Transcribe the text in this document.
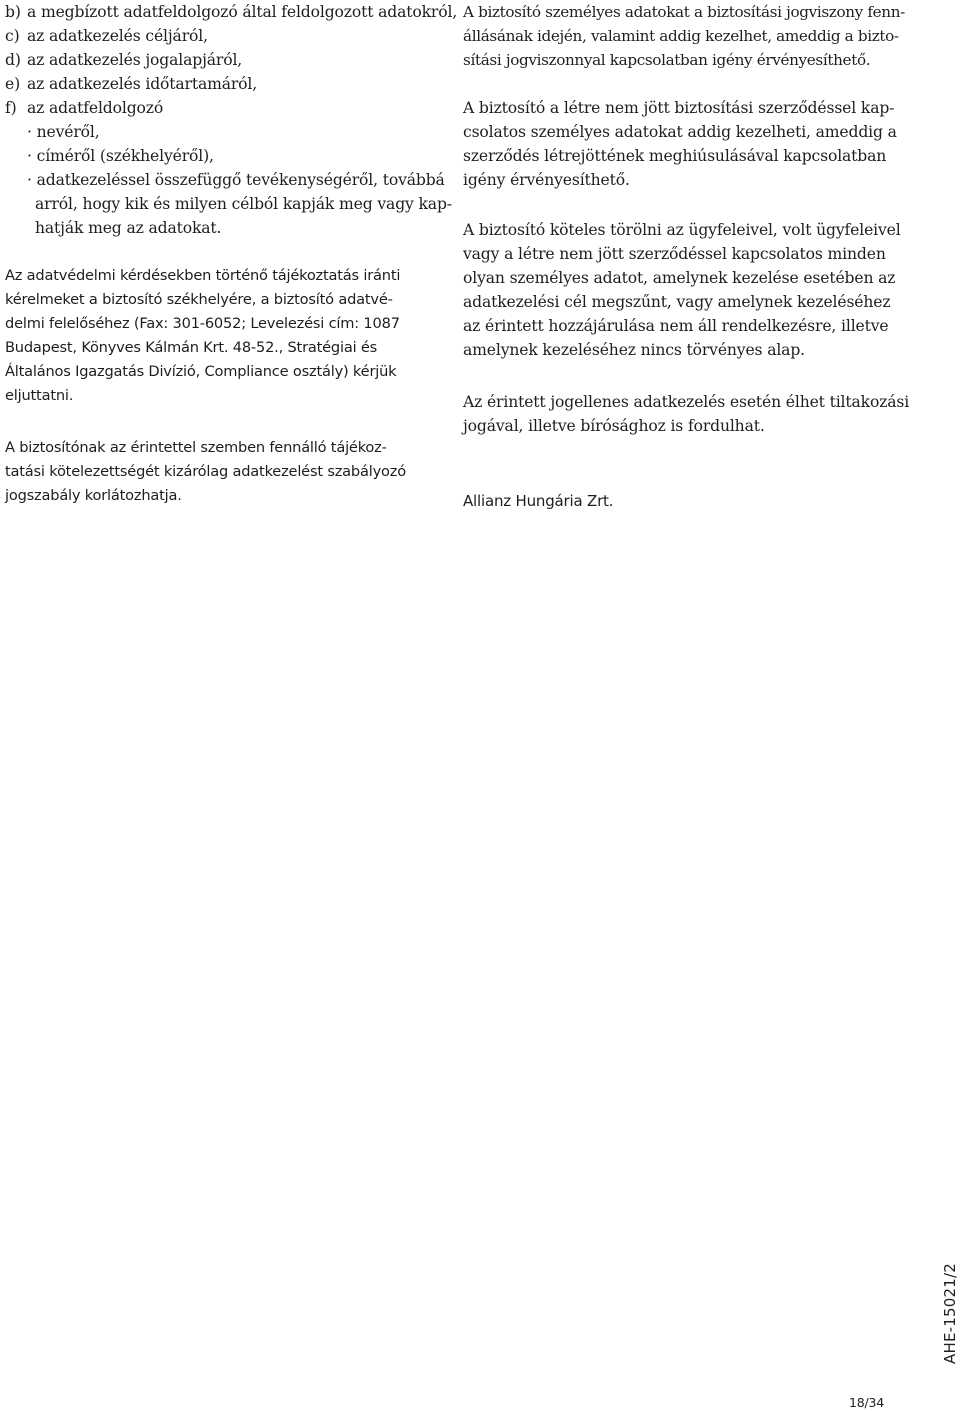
b) a megbízott adatfeldolgozó által feldolgozott adatokról,
c) az adatkezelés céljáról,
d) az adatkezelés jogalapjáról,
e) az adatkezelés időtartamáról,
f) az adatfeldolgozó
· nevéről,
· címéről (székhelyéről),
· adatkezeléssel összefüggő tevékenységéről, továbbá
arról, hogy kik és milyen célból kapják meg vagy kap-
hatják meg az adatokat.
Az adatvédelmi kérdésekben történő tájékoztatás iránti
kérelmeket a biztosító székhelyére, a biztosító adatvé-
delmi felelőséhez (Fax: 301-6052; Levelezési cím: 1087
Budapest, Könyves Kálmán Krt. 48-52., Stratégiai és
Általános Igazgatás Divízió, Compliance osztály) kérjük
eljuttatni.
A biztosítónak az érintettel szemben fennálló tájékoz-
tatási kötelezettségét kizárólag adatkezelést szabályozó
jogszabály korlátozhatja.
A biztosító személyes adatokat a biztosítási jogviszony fenn-
állásának idején, valamint addig kezelhet, ameddig a bizto-
sítási jogviszonnyal kapcsolatban igény érvényesíthető.
A biztosító a létre nem jött biztosítási szerződéssel kap-
csolatos személyes adatokat addig kezelheti, ameddig a
szerződés létrejöttének meghiúsulásával kapcsolatban
igény érvényesíthető.
A biztosító köteles törölni az ügyfeleivel, volt ügyfeleivel
vagy a létre nem jött szerződéssel kapcsolatos minden
olyan személyes adatot, amelynek kezelése esetében az
adatkezelési cél megszűnt, vagy amelynek kezeléséhez
az érintett hozzájárulása nem áll rendelkezésre, illetve
amelynek kezeléséhez nincs törvényes alap.
Az érintett jogellenes adatkezelés esetén élhet tiltakozási
jogával, illetve bírósághoz is fordulhat.
Allianz Hungária Zrt.
AHE-15021/2
18/34
